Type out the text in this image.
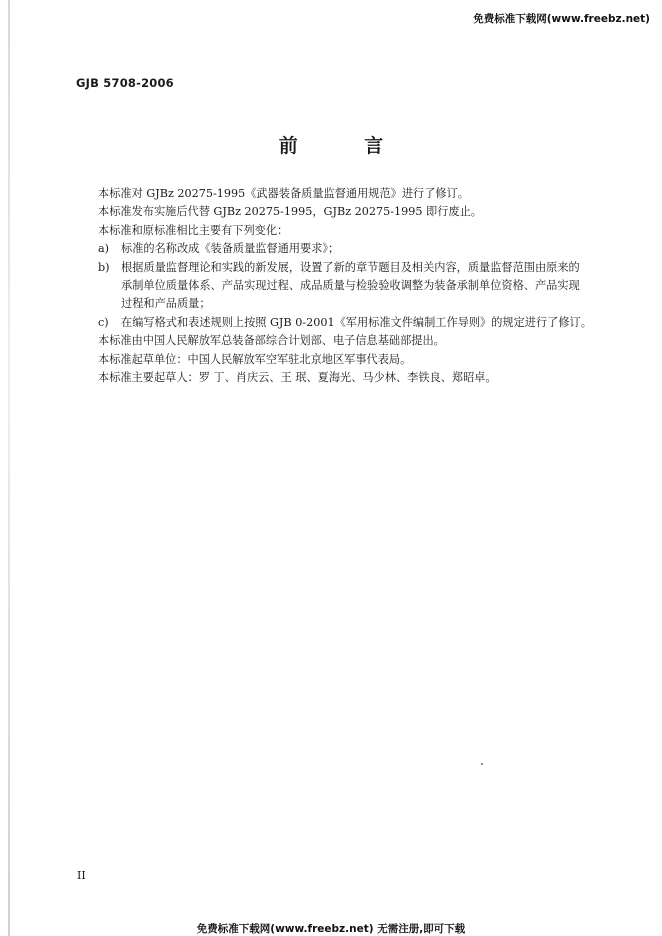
免费标准下载网(www.freebz.net)
GJB 5708-2006
前 言
本标准对 GJBz 20275-1995《武器装备质量监督通用规范》进行了修订。
本标准发布实施后代替 GJBz 20275-1995，GJBz 20275-1995 即行废止。
本标准和原标准相比主要有下列变化：
a)	标准的名称改成《装备质量监督通用要求》；
b)	根据质量监督理论和实践的新发展，设置了新的章节题目及相关内容，质量监督范围由原来的
承制单位质量体系、产品实现过程、成品质量与检验验收调整为装备承制单位资格、产品实现
过程和产品质量；
c)	在编写格式和表述规则上按照 GJB 0-2001《军用标准文件编制工作导则》的规定进行了修订。
本标准由中国人民解放军总装备部综合计划部、电子信息基础部提出。
本标准起草单位：中国人民解放军空军驻北京地区军事代表局。
本标准主要起草人：罗 丁、肖庆云、王 珉、夏海光、马少林、李铁良、郑昭卓。
II
免费标准下载网(www.freebz.net) 无需注册,即可下载
